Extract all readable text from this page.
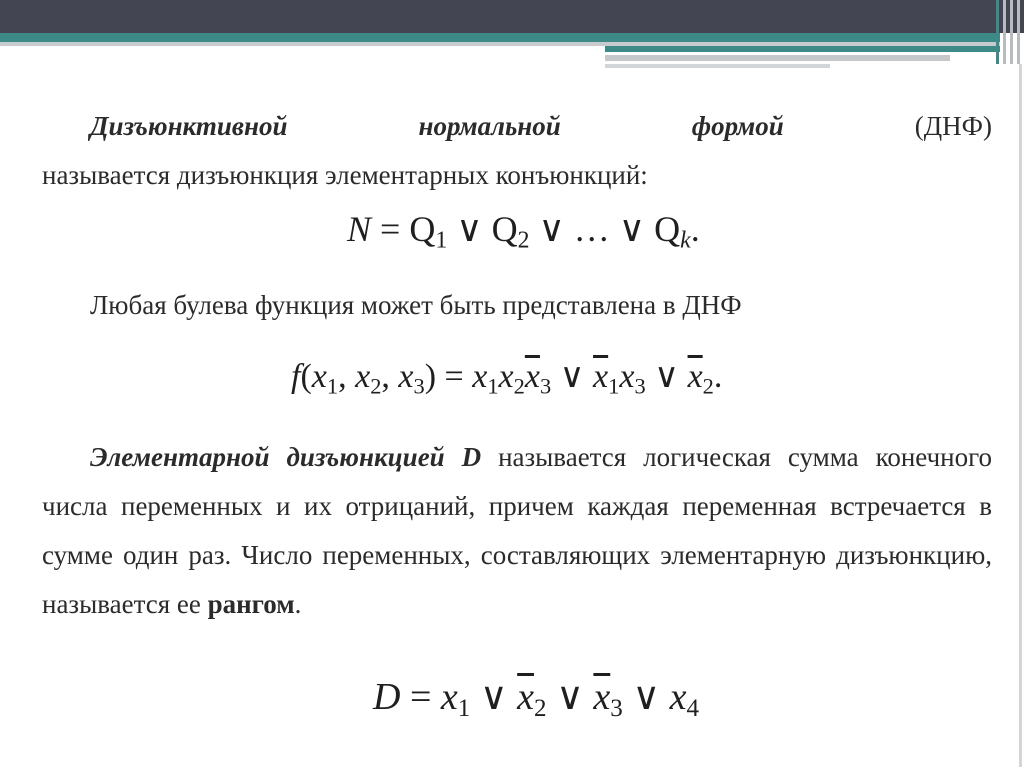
Дизъюнктивной	нормальной	формой	(ДНФ)
называется дизъюнкция элементарных конъюнкций:
$N = Q_1$ ∨ $Q_2$ ∨ … ∨ $Q_k$.
Любая булева функция может быть представлена в ДНФ
$f(x_1$, $x_2$, $x_3) = x_1x_2\overline{x}_3$ ∨ $\overline{x}_1x_3$ ∨ $\overline{x}_2$.
Элементарной дизъюнкцией D называется логическая сумма конечного числа переменных и их отрицаний, причем каждая переменная встречается в сумме один раз. Число переменных, составляющих элементарную дизъюнкцию, называется ее рангом.
$D = x_1$ ∨ $\overline{x}_2$ ∨ $\overline{x}_3$ ∨ $x_4$
